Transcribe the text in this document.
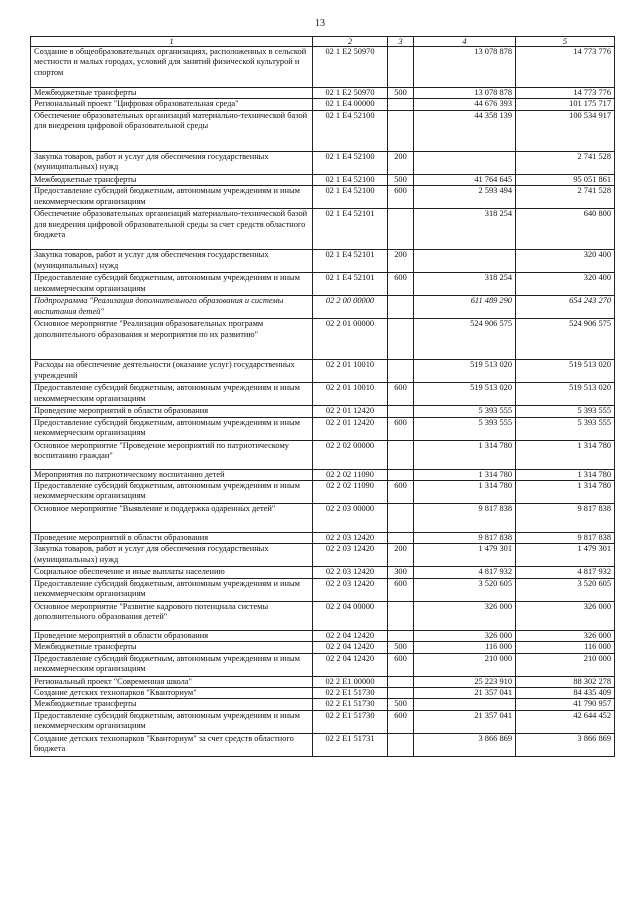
13
1	2	3	4	5
Создание в общеобразовательных организациях, расположенных в сельской местности и малых городах, условий для занятий физической культурой и спортом	02 1 E2 50970		13 078 878	14 773 776
Межбюджетные трансферты	02 1 E2 50970	500	13 078 878	14 773 776
Региональный проект "Цифровая образовательная среда"	02 1 E4 00000		44 676 393	101 175 717
Обеспечение образовательных организаций материально-технической базой для внедрения цифровой образовательной среды	02 1 E4 52100		44 358 139	100 534 917
Закупка товаров, работ и услуг для обеспечения государственных (муниципальных) нужд	02 1 E4 52100	200		2 741 528
Межбюджетные трансферты	02 1 E4 52100	500	41 764 645	95 051 861
Предоставление субсидий бюджетным, автономным учреждениям и иным некоммерческим организациям	02 1 E4 52100	600	2 593 494	2 741 528
Обеспечение образовательных организаций материально-технической базой для внедрения цифровой образовательной среды за счет средств областного бюджета	02 1 E4 52101		318 254	640 800
Закупка товаров, работ и услуг для обеспечения государственных (муниципальных) нужд	02 1 E4 52101	200		320 400
Предоставление субсидий бюджетным, автономным учреждениям и иным некоммерческим организациям	02 1 E4 52101	600	318 254	320 400
Подпрограмма "Реализация дополнительного образования и системы воспитания детей"	02 2 00 00000		611 489 290	654 243 270
Основное мероприятие "Реализация образовательных программ дополнительного образования и мероприятия по их развитию"	02 2 01 00000		524 906 575	524 906 575
Расходы на обеспечение деятельности (оказание услуг) государственных учреждений	02 2 01 10010		519 513 020	519 513 020
Предоставление субсидий бюджетным, автономным учреждениям и иным некоммерческим организациям	02 2 01 10010	600	519 513 020	519 513 020
Проведение мероприятий в области образования	02 2 01 12420		5 393 555	5 393 555
Предоставление субсидий бюджетным, автономным учреждениям и иным некоммерческим организациям	02 2 01 12420	600	5 393 555	5 393 555
Основное мероприятие "Проведение мероприятий по патриотическому воспитанию граждан"	02 2 02 00000		1 314 780	1 314 780
Мероприятия по патриотическому воспитанию детей	02 2 02 11090		1 314 780	1 314 780
Предоставление субсидий бюджетным, автономным учреждениям и иным некоммерческим организациям	02 2 02 11090	600	1 314 780	1 314 780
Основное мероприятие "Выявление и поддержка одаренных детей"	02 2 03 00000		9 817 838	9 817 838
Проведение мероприятий в области образования	02 2 03 12420		9 817 838	9 817 838
Закупка товаров, работ и услуг для обеспечения государственных (муниципальных) нужд	02 2 03 12420	200	1 479 301	1 479 301
Социальное обеспечение и иные выплаты населению	02 2 03 12420	300	4 817 932	4 817 932
Предоставление субсидий бюджетным, автономным учреждениям и иным некоммерческим организациям	02 2 03 12420	600	3 520 605	3 520 605
Основное мероприятие "Развитие кадрового потенциала системы дополнительного образования детей"	02 2 04 00000		326 000	326 000
Проведение мероприятий в области образования	02 2 04 12420		326 000	326 000
Межбюджетные трансферты	02 2 04 12420	500	116 000	116 000
Предоставление субсидий бюджетным, автономным учреждениям и иным некоммерческим организациям	02 2 04 12420	600	210 000	210 000
Региональный проект "Современная школа"	02 2 E1 00000		25 223 910	88 302 278
Создание детских технопарков "Кванториум"	02 2 E1 51730		21 357 041	84 435 409
Межбюджетные трансферты	02 2 E1 51730	500		41 790 957
Предоставление субсидий бюджетным, автономным учреждениям и иным некоммерческим организациям	02 2 E1 51730	600	21 357 041	42 644 452
Создание детских технопарков "Кванториум" за счет средств областного бюджета	02 2 E1 51731		3 866 869	3 866 869
